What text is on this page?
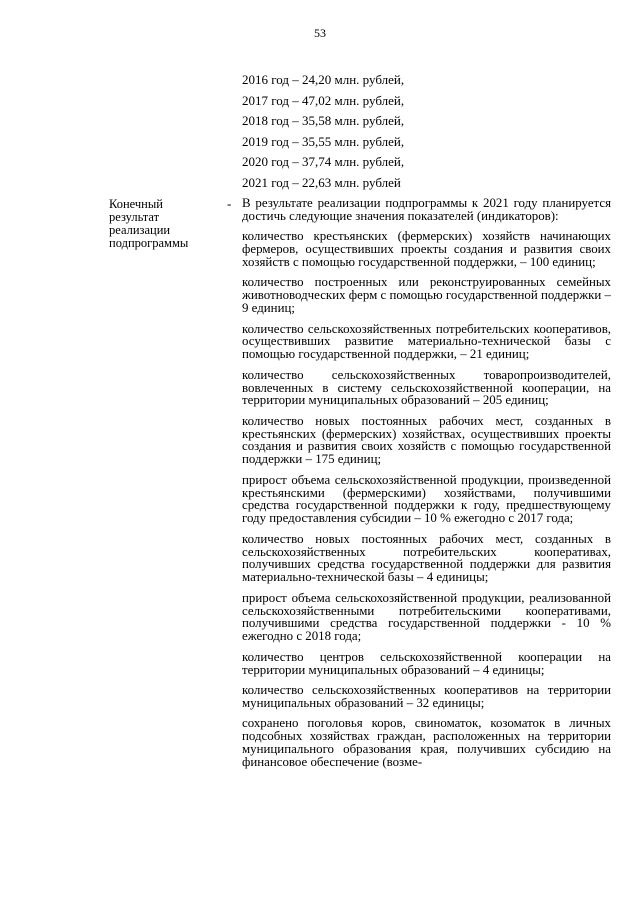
53
2016 год – 24,20 млн. рублей,
2017 год – 47,02 млн. рублей,
2018 год – 35,58 млн. рублей,
2019 год – 35,55 млн. рублей,
2020 год – 37,74 млн. рублей,
2021 год – 22,63 млн. рублей
Конечный результат реализации подпрограммы
- В результате реализации подпрограммы к 2021 году планируется достичь следующие значения показателей (индикаторов):

количество крестьянских (фермерских) хозяйств начинающих фермеров, осуществивших проекты создания и развития своих хозяйств с помощью государственной поддержки, – 100 единиц;

количество построенных или реконструированных семейных животноводческих ферм с помощью государственной поддержки – 9 единиц;

количество сельскохозяйственных потребительских кооперативов, осуществивших развитие материально-технической базы с помощью государственной поддержки, – 21 единиц;

количество сельскохозяйственных товаропроизводителей, вовлеченных в систему сельскохозяйственной кооперации, на территории муниципальных образований – 205 единиц;

количество новых постоянных рабочих мест, созданных в крестьянских (фермерских) хозяйствах, осуществивших проекты создания и развития своих хозяйств с помощью государственной поддержки – 175 единиц;

прирост объема сельскохозяйственной продукции, произведенной крестьянскими (фермерскими) хозяйствами, получившими средства государственной поддержки к году, предшествующему году предоставления субсидии – 10 % ежегодно с 2017 года;

количество новых постоянных рабочих мест, созданных в сельскохозяйственных потребительских кооперативах, получивших средства государственной поддержки для развития материально-технической базы – 4 единицы;

прирост объема сельскохозяйственной продукции, реализованной сельскохозяйственными потребительскими кооперативами, получившими средства государственной поддержки - 10 % ежегодно с 2018 года;

количество центров сельскохозяйственной кооперации на территории муниципальных образований – 4 единицы;

количество сельскохозяйственных кооперативов на территории муниципальных образований – 32 единицы;

сохранено поголовья коров, свиноматок, козоматок в личных подсобных хозяйствах граждан, расположенных на территории муниципального образования края, получивших субсидию на финансовое обеспечение (возме-
